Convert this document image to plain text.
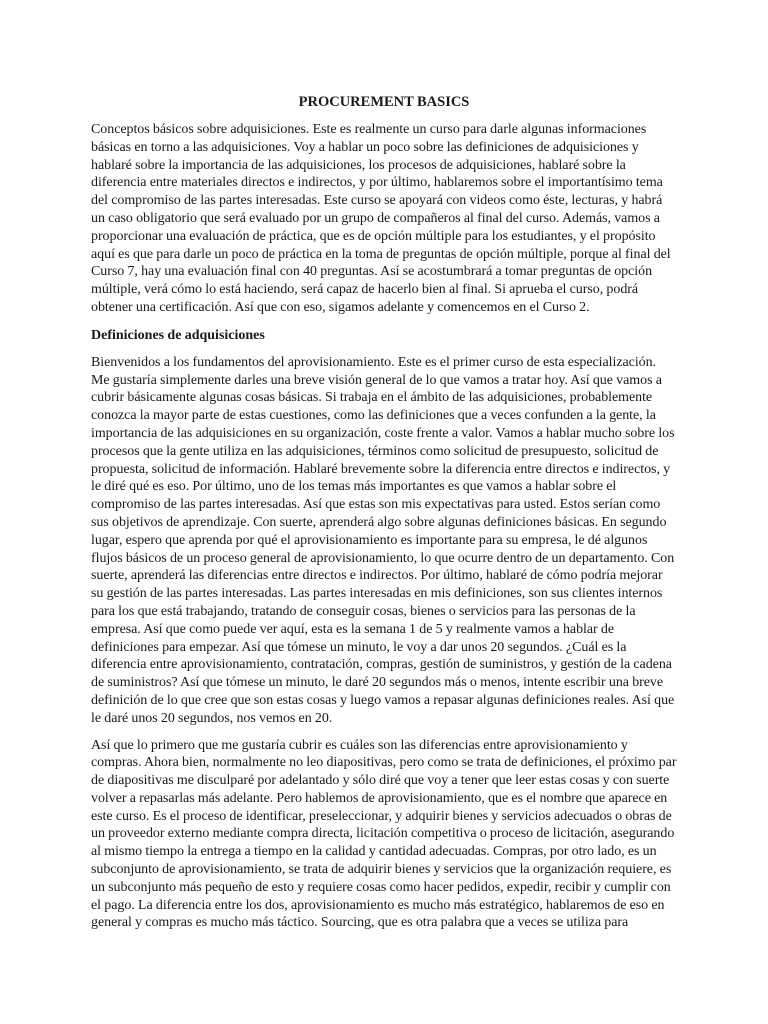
PROCUREMENT BASICS

Conceptos básicos sobre adquisiciones. Este es realmente un curso para darle algunas informaciones básicas en torno a las adquisiciones. Voy a hablar un poco sobre las definiciones de adquisiciones y hablaré sobre la importancia de las adquisiciones, los procesos de adquisiciones, hablaré sobre la diferencia entre materiales directos e indirectos, y por último, hablaremos sobre el importantísimo tema del compromiso de las partes interesadas. Este curso se apoyará con videos como éste, lecturas, y habrá un caso obligatorio que será evaluado por un grupo de compañeros al final del curso. Además, vamos a proporcionar una evaluación de práctica, que es de opción múltiple para los estudiantes, y el propósito aquí es que para darle un poco de práctica en la toma de preguntas de opción múltiple, porque al final del Curso 7, hay una evaluación final con 40 preguntas. Así se acostumbrará a tomar preguntas de opción múltiple, verá cómo lo está haciendo, será capaz de hacerlo bien al final. Si aprueba el curso, podrá obtener una certificación. Así que con eso, sigamos adelante y comencemos en el Curso 2.

Definiciones de adquisiciones

Bienvenidos a los fundamentos del aprovisionamiento. Este es el primer curso de esta especialización. Me gustaría simplemente darles una breve visión general de lo que vamos a tratar hoy. Así que vamos a cubrir básicamente algunas cosas básicas. Si trabaja en el ámbito de las adquisiciones, probablemente conozca la mayor parte de estas cuestiones, como las definiciones que a veces confunden a la gente, la importancia de las adquisiciones en su organización, coste frente a valor. Vamos a hablar mucho sobre los procesos que la gente utiliza en las adquisiciones, términos como solicitud de presupuesto, solicitud de propuesta, solicitud de información. Hablaré brevemente sobre la diferencia entre directos e indirectos, y le diré qué es eso. Por último, uno de los temas más importantes es que vamos a hablar sobre el compromiso de las partes interesadas. Así que estas son mis expectativas para usted. Estos serían como sus objetivos de aprendizaje. Con suerte, aprenderá algo sobre algunas definiciones básicas. En segundo lugar, espero que aprenda por qué el aprovisionamiento es importante para su empresa, le dé algunos flujos básicos de un proceso general de aprovisionamiento, lo que ocurre dentro de un departamento. Con suerte, aprenderá las diferencias entre directos e indirectos. Por último, hablaré de cómo podría mejorar su gestión de las partes interesadas. Las partes interesadas en mis definiciones, son sus clientes internos para los que está trabajando, tratando de conseguir cosas, bienes o servicios para las personas de la empresa. Así que como puede ver aquí, esta es la semana 1 de 5 y realmente vamos a hablar de definiciones para empezar. Así que tómese un minuto, le voy a dar unos 20 segundos. ¿Cuál es la diferencia entre aprovisionamiento, contratación, compras, gestión de suministros, y gestión de la cadena de suministros? Así que tómese un minuto, le daré 20 segundos más o menos, intente escribir una breve definición de lo que cree que son estas cosas y luego vamos a repasar algunas definiciones reales. Así que le daré unos 20 segundos, nos vemos en 20.

Así que lo primero que me gustaría cubrir es cuáles son las diferencias entre aprovisionamiento y compras. Ahora bien, normalmente no leo diapositivas, pero como se trata de definiciones, el próximo par de diapositivas me disculparé por adelantado y sólo diré que voy a tener que leer estas cosas y con suerte volver a repasarlas más adelante. Pero hablemos de aprovisionamiento, que es el nombre que aparece en este curso. Es el proceso de identificar, preseleccionar, y adquirir bienes y servicios adecuados o obras de un proveedor externo mediante compra directa, licitación competitiva o proceso de licitación, asegurando al mismo tiempo la entrega a tiempo en la calidad y cantidad adecuadas. Compras, por otro lado, es un subconjunto de aprovisionamiento, se trata de adquirir bienes y servicios que la organización requiere, es un subconjunto más pequeño de esto y requiere cosas como hacer pedidos, expedir, recibir y cumplir con el pago. La diferencia entre los dos, aprovisionamiento es mucho más estratégico, hablaremos de eso en general y compras es mucho más táctico. Sourcing, que es otra palabra que a veces se utiliza para
